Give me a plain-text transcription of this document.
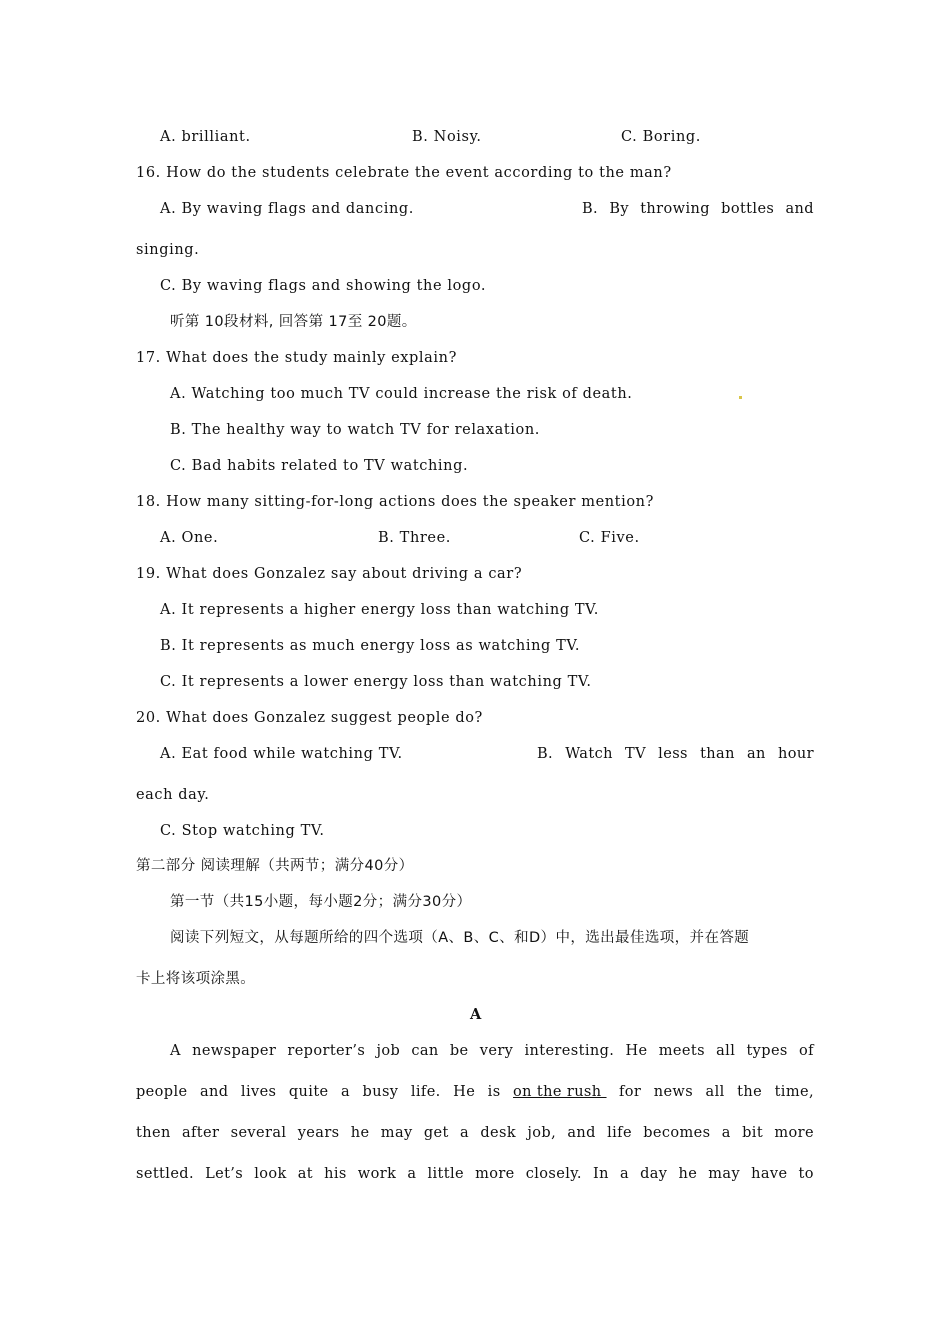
A. brilliant.	B. Noisy.	C. Boring.
16. How do the students celebrate the event according to the man?
A. By waving flags and dancing.	B. By throwing bottles and
singing.
C. By waving flags and showing the logo.
听第 10段材料, 回答第 17至 20题。
17. What does the study mainly explain?
A. Watching too much TV could increase the risk of death.
B. The healthy way to watch TV for relaxation.
C. Bad habits related to TV watching.
18. How many sitting-for-long actions does the speaker mention?
A. One.	B. Three.	C. Five.
19. What does Gonzalez say about driving a car?
A. It represents a higher energy loss than watching TV.
B. It represents as much energy loss as watching TV.
C. It represents a lower energy loss than watching TV.
20. What does Gonzalez suggest people do?
A. Eat food while watching TV.	B. Watch TV less than an hour
each day.
C. Stop watching TV.
第二部分 阅读理解（共两节；满分40分）
第一节（共15小题，每小题2分；满分30分）
阅读下列短文，从每题所给的四个选项（A、B、C、和D）中，选出最佳选项，并在答题
卡上将该项涂黑。
A
A newspaper reporter’s job can be very interesting. He meets all types of
people and lives quite a busy life. He is on the rush for news all the time,
then after several years he may get a desk job, and life becomes a bit more
settled. Let’s look at his work a little more closely. In a day he may have to
